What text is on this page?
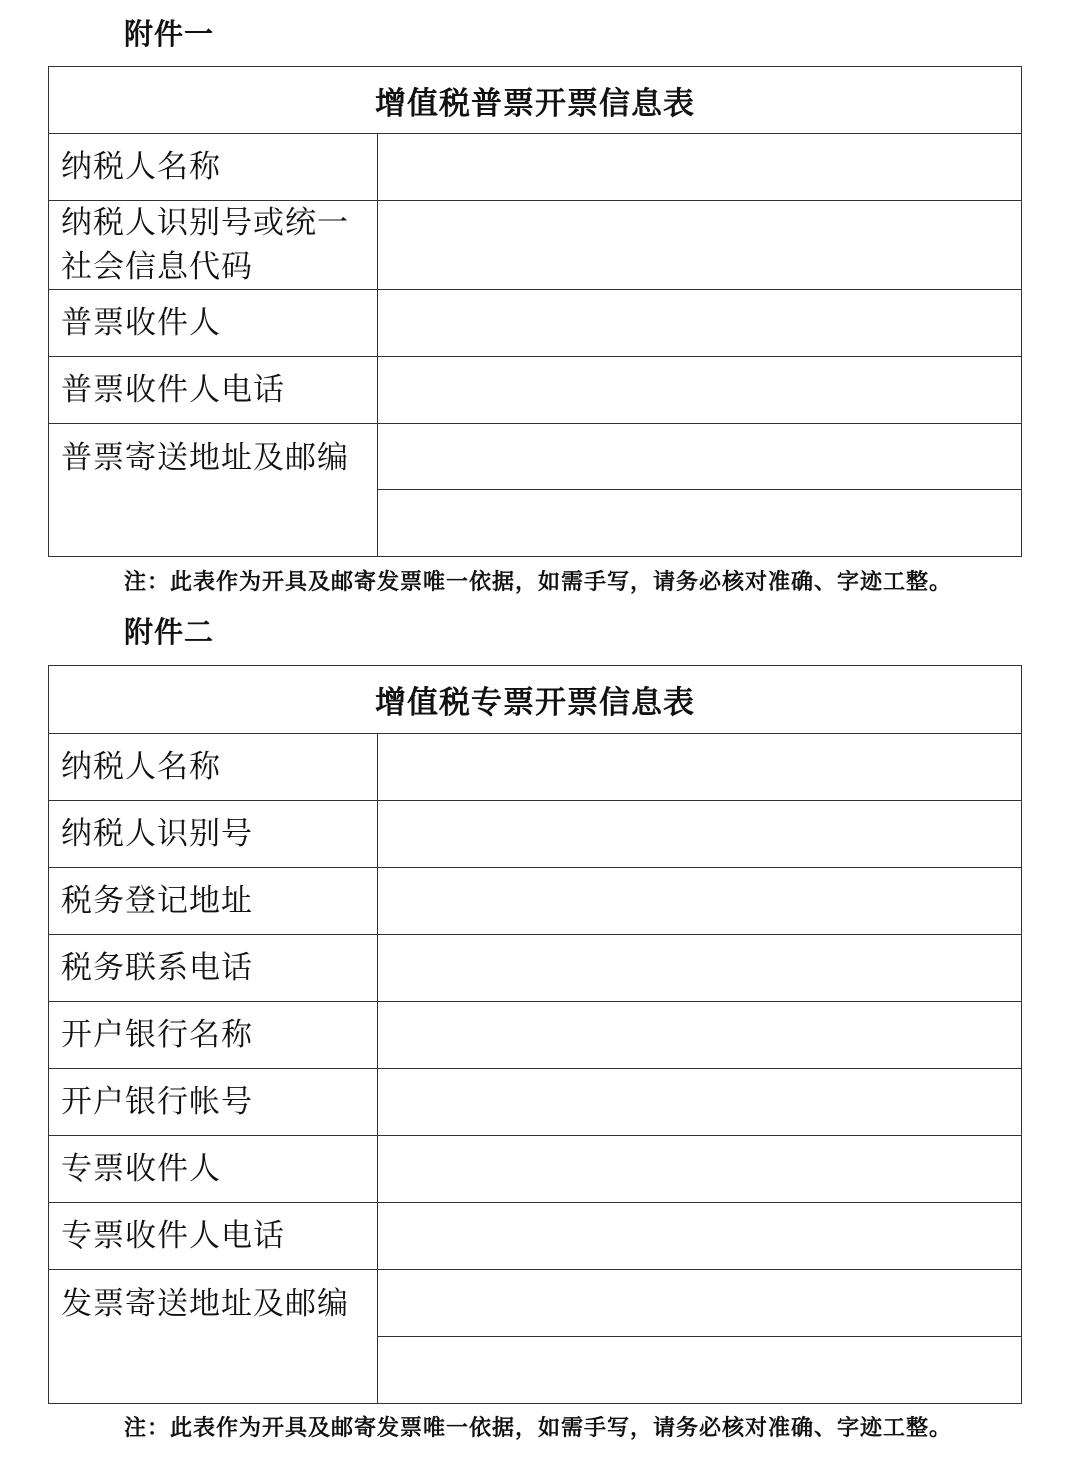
附件一
增值税普票开票信息表	
纳税人名称	
纳税人识别号或统一社会信息代码	
普票收件人	
普票收件人电话	
普票寄送地址及邮编	

注：此表作为开具及邮寄发票唯一依据，如需手写，请务必核对准确、字迹工整。
附件二
增值税专票开票信息表	
纳税人名称	
纳税人识别号	
税务登记地址	
税务联系电话	
开户银行名称	
开户银行帐号	
专票收件人	
专票收件人电话	
发票寄送地址及邮编	

注：此表作为开具及邮寄发票唯一依据，如需手写，请务必核对准确、字迹工整。
